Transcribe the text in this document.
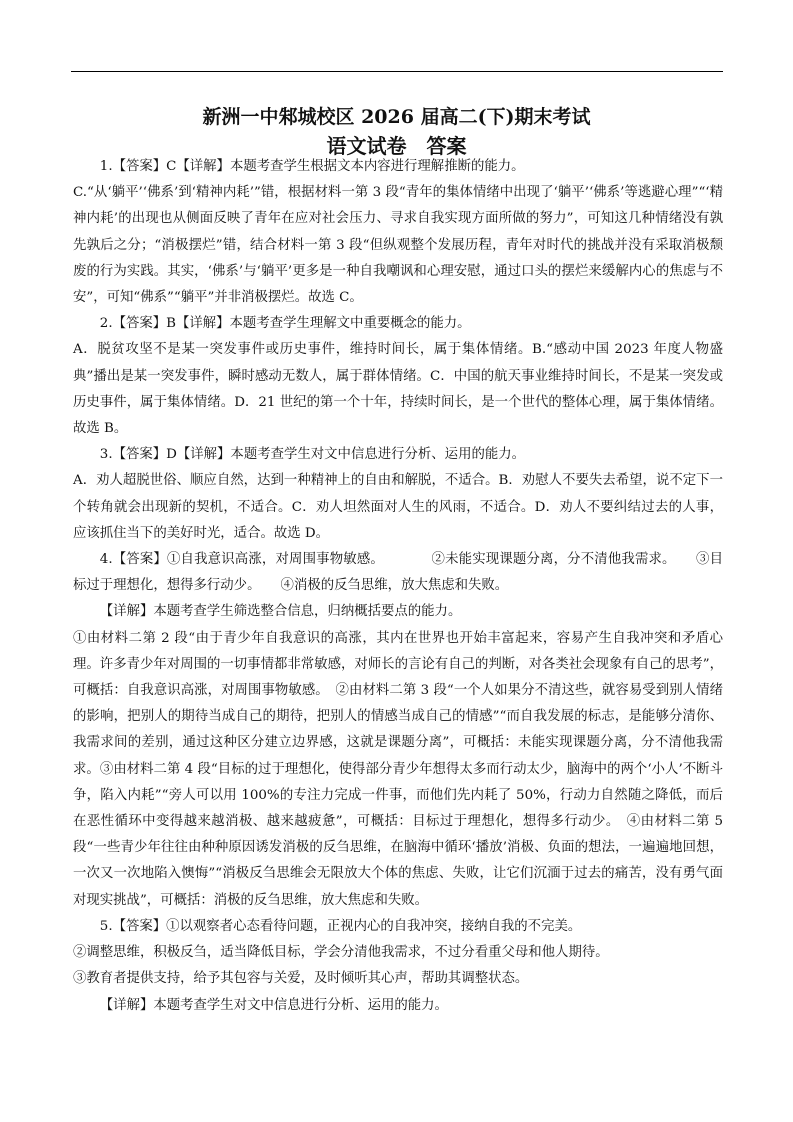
新洲一中邾城校区 2026 届高二(下)期末考试
语文试卷　答案

1.【答案】C【详解】本题考查学生根据文本内容进行理解推断的能力。

C.“从‘躺平’‘佛系’到‘精神内耗’”错，根据材料一第 3 段“青年的集体情绪中出现了‘躺平’‘佛系’等逃避心理”“‘精神内耗’的出现也从侧面反映了青年在应对社会压力、寻求自我实现方面所做的努力”，可知这几种情绪没有孰先孰后之分；“消极摆烂”错，结合材料一第 3 段“但纵观整个发展历程，青年对时代的挑战并没有采取消极颓废的行为实践。其实，‘佛系’与‘躺平’更多是一种自我嘲讽和心理安慰，通过口头的摆烂来缓解内心的焦虑与不安”，可知“佛系”“躺平”并非消极摆烂。故选 C。

2.【答案】B【详解】本题考查学生理解文中重要概念的能力。

A．脱贫攻坚不是某一突发事件或历史事件，维持时间长，属于集体情绪。B.“感动中国 2023 年度人物盛典”播出是某一突发事件，瞬时感动无数人，属于群体情绪。C．中国的航天事业维持时间长，不是某一突发或历史事件，属于集体情绪。D．21 世纪的第一个十年，持续时间长，是一个世代的整体心理，属于集体情绪。故选 B。

3.【答案】D【详解】本题考查学生对文中信息进行分析、运用的能力。

A．劝人超脱世俗、顺应自然，达到一种精神上的自由和解脱，不适合。B．劝慰人不要失去希望，说不定下一个转角就会出现新的契机，不适合。C．劝人坦然面对人生的风雨，不适合。D．劝人不要纠结过去的人事，应该抓住当下的美好时光，适合。故选 D。

4.【答案】①自我意识高涨，对周围事物敏感。　　　　②未能实现课题分离，分不清他我需求。　　③目标过于理想化，想得多行动少。　　④消极的反刍思维，放大焦虑和失败。

【详解】本题考查学生筛选整合信息，归纳概括要点的能力。

①由材料二第 2 段“由于青少年自我意识的高涨，其内在世界也开始丰富起来，容易产生自我冲突和矛盾心理。许多青少年对周围的一切事情都非常敏感，对师长的言论有自己的判断，对各类社会现象有自己的思考”，可概括：自我意识高涨，对周围事物敏感。　②由材料二第 3 段“一个人如果分不清这些，就容易受到别人情绪的影响，把别人的期待当成自己的期待，把别人的情感当成自己的情感”“而自我发展的标志，是能够分清你、我需求间的差别，通过这种区分建立边界感，这就是课题分离”，可概括：未能实现课题分离，分不清他我需求。③由材料二第 4 段“目标的过于理想化，使得部分青少年想得太多而行动太少，脑海中的两个‘小人’不断斗争，陷入内耗”“旁人可以用 100%的专注力完成一件事，而他们先内耗了 50%，行动力自然随之降低，而后在恶性循环中变得越来越消极、越来越疲惫”，可概括：目标过于理想化，想得多行动少。　④由材料二第 5 段“一些青少年往往由种种原因诱发消极的反刍思维，在脑海中循环‘播放’消极、负面的想法，一遍遍地回想，一次又一次地陷入懊悔”“消极反刍思维会无限放大个体的焦虑、失败，让它们沉湎于过去的痛苦，没有勇气面对现实挑战”，可概括：消极的反刍思维，放大焦虑和失败。

5.【答案】①以观察者心态看待问题，正视内心的自我冲突，接纳自我的不完美。

②调整思维，积极反刍，适当降低目标，学会分清他我需求，不过分看重父母和他人期待。

③教育者提供支持，给予其包容与关爱，及时倾听其心声，帮助其调整状态。

【详解】本题考查学生对文中信息进行分析、运用的能力。
